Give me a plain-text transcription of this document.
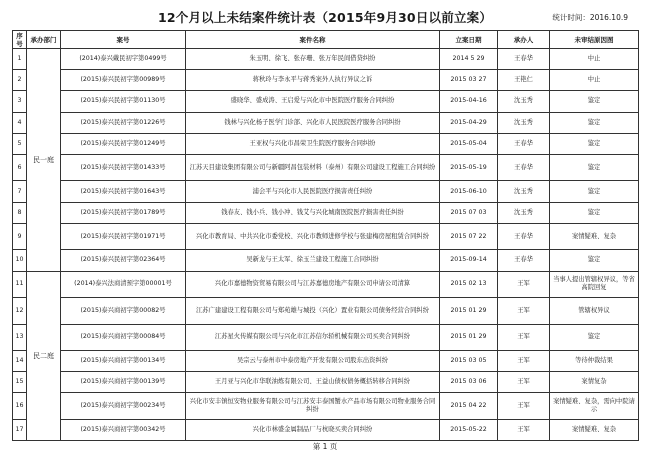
12个月以上未结案件统计表（2015年9月30日以前立案）	统计时间：2016.10.9
序号	承办部门	案号	案件名称	立案日期	承办人	未审结原因图
1	民一庭	(2014)泰兴戴民初字第0499号	朱玉明、徐飞、张存珊、张万年民间借贷纠纷	2014 5 29	王春华	中止
2		(2015)泰兴民初字第00989号	蒋秋玲与李永平与蒋秀案外人执行异议之诉	2015 03 27	王艳仁	中止
3		(2015)泰兴民初字第01130号	盛晓华、盛成涛、王启爱与兴化市中医院医疗服务合同纠纷	2015-04-16	沈玉秀	鉴定
4		(2015)泰兴民初字第01226号	钱林与兴化杨子医学门诊部、兴化市人民医院医疗服务合同纠纷	2015-04-29	沈玉秀	鉴定
5		(2015)泰兴民初字第01249号	王亚权与兴化市昌荣卫生院医疗服务合同纠纷	2015-05-04	王春华	鉴定
6		(2015)泰兴民初字第01433号	江苏天目建设集团有限公司与新疆阿昌包装材料（泰州）有限公司建设工程施工合同纠纷	2015-05-19	王春华	鉴定
7		(2015)泰兴民初字第01643号	浦会平与兴化市人民医院医疗损害责任纠纷	2015-06-10	沈玉秀	鉴定
8		(2015)泰兴民初字第01789号	钱春友、钱小兵、钱小冲、钱艾与兴化城南医院医疗损害责任纠纷	2015 07 03	沈玉秀	鉴定
9		(2015)泰兴民初字第01971号	兴化市教育局、中共兴化市委党校、兴化市教师进修学校与张建梅房屋租赁合同纠纷	2015 07 22	王春华	案情疑难、复杂
10		(2015)泰兴民初字第02364号	吴新龙与王太军、徐玉兰建设工程施工合同纠纷	2015-09-14	王春华	鉴定
11	民二庭	(2014)泰兴法商清预字第00001号	兴化市嘉德物资贸易有限公司与江苏嘉德房地产有限公司申请公司清算	2015 02 13	王军	当事人提出管辖权异议，等省高院回复
12		(2015)泰兴商初字第00082号	江苏广建建设工程有限公司与郑苑雄与城投（兴化）置业有限公司债务经营合同纠纷	2015 01 29	王军	管辖权异议
13		(2015)泰兴商初字第00084号	江苏星火传媒有限公司与兴化市江苏信尔轿机械有限公司买卖合同纠纷	2015 01 29	王军	鉴定
14		(2015)泰兴商初字第00134号	吴宗云与泰州市中泰房地产开发有限公司股东出资纠纷	2015 03 05	王军	等待仲裁结果
15		(2015)泰兴商初字第00139号	王月亚与兴化市华联油炼有限公司、王益山债权债务概括转移合同纠纷	2015 03 06	王军	案情复杂
16		(2015)泰兴商初字第00234号	兴化市安丰镇恒安物业服务有限公司与江苏安丰泰国蟹水产品市场有限公司物业服务合同纠纷	2015 04 22	王军	案情疑难、复杂，需向中院请示
17		(2015)泰兴商初字第00342号	兴化市林盛金属制品厂与杭晓买卖合同纠纷	2015-05-22	王军	案情疑难、复杂
第 1 页
